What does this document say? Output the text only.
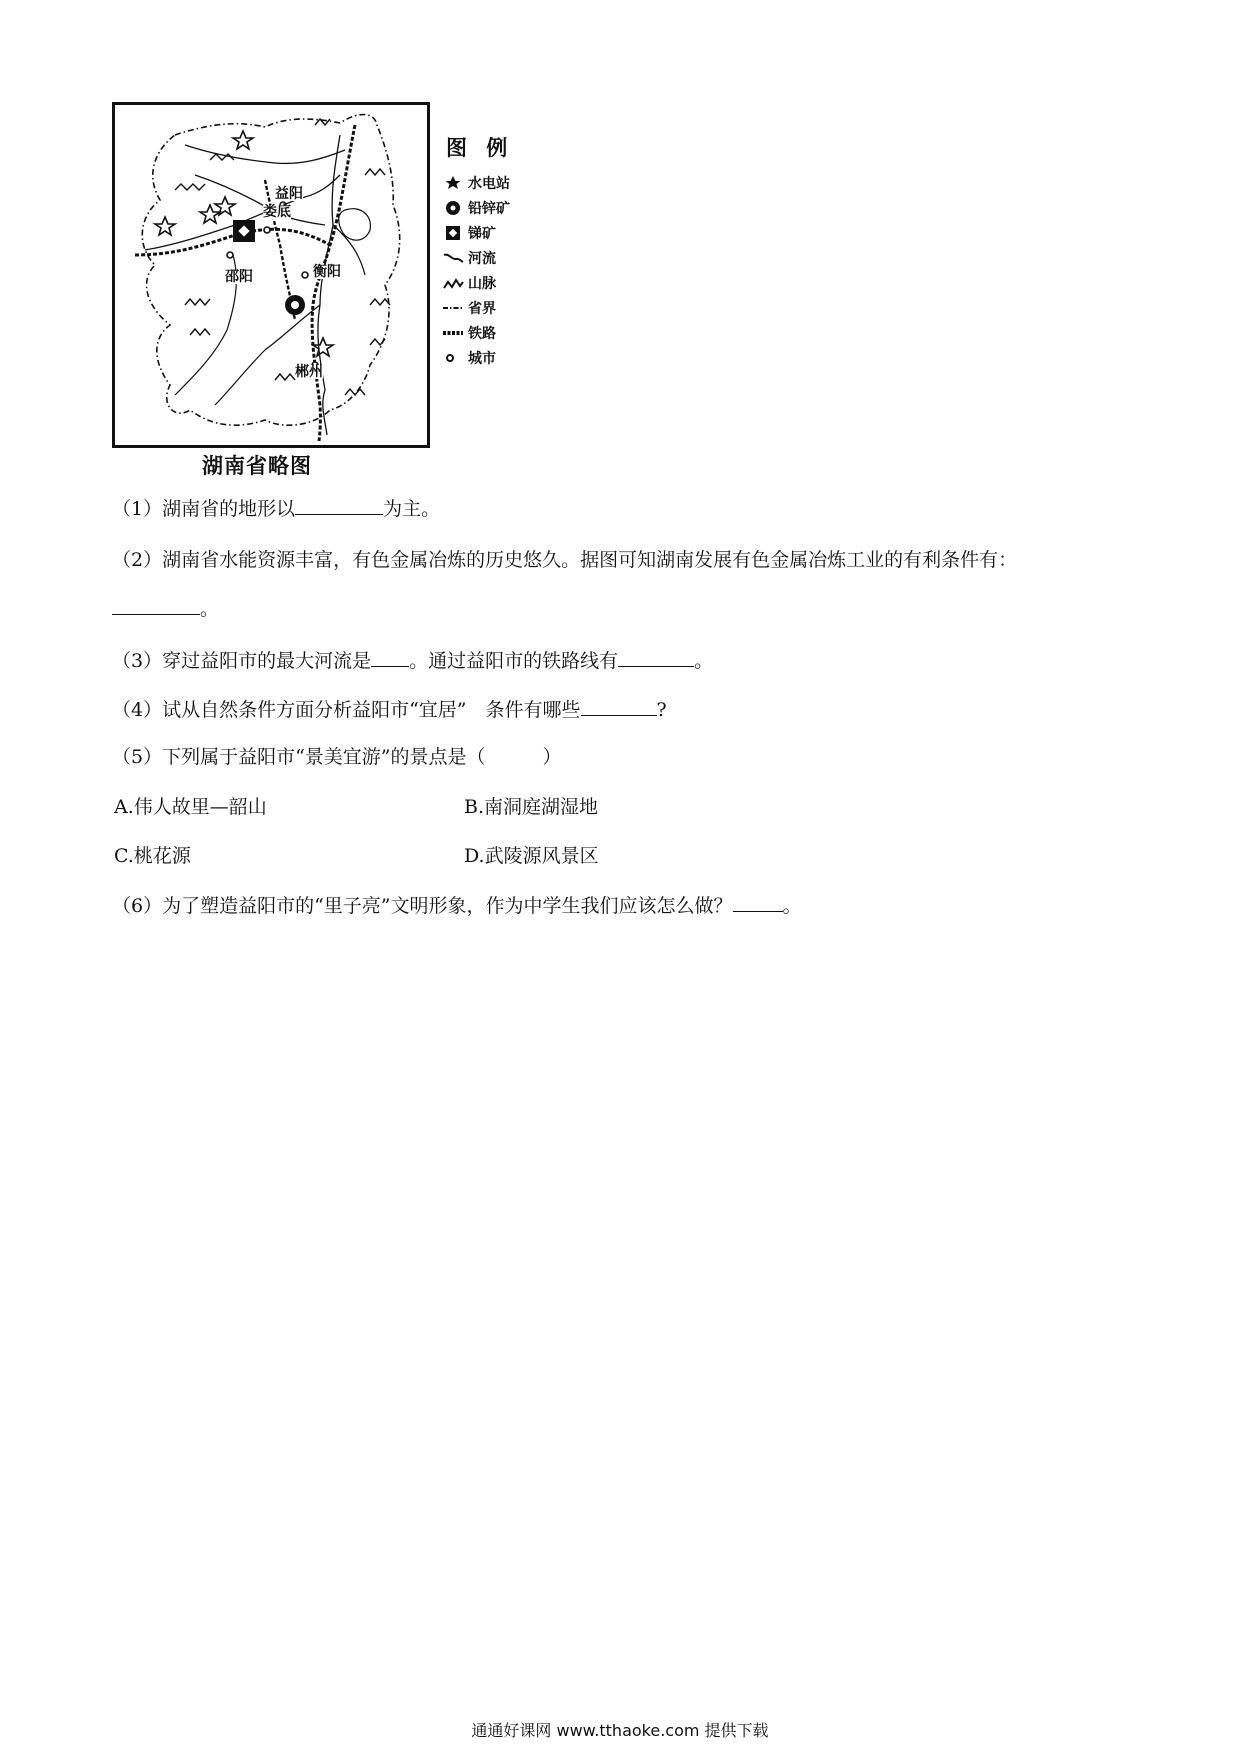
益阳
娄底
邵阳	衡阳
郴州
图 例
水电站
铅锌矿
锑矿
河流
山脉
省界
铁路
城市
湖南省略图
（1）湖南省的地形以	为主。
（2）湖南省水能资源丰富，有色金属冶炼的历史悠久。据图可知湖南发展有色金属冶炼工业的有利条件有：
。
（3）穿过益阳市的最大河流是 。通过益阳市的铁路线有	。
（4）试从自然条件方面分析益阳市“宜居”　条件有哪些	?
（5）下列属于益阳市“景美宜游”的景点是（　　　）
A.伟人故里—韶山	B.南洞庭湖湿地
C.桃花源	D.武陵源风景区
（6）为了塑造益阳市的“里子亮”文明形象，作为中学生我们应该怎么做？	。
通通好课网 www.tthaoke.com 提供下载
